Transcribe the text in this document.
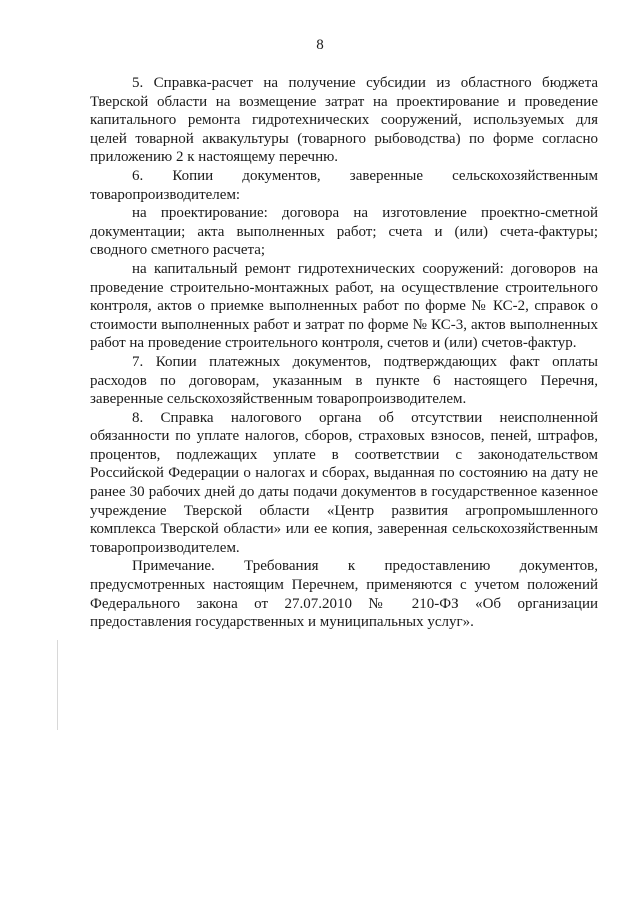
8

5. Справка-расчет на получение субсидии из областного бюджета Тверской области на возмещение затрат на проектирование и проведение капитального ремонта гидротехнических сооружений, используемых для целей товарной аквакультуры (товарного рыбоводства) по форме согласно приложению 2 к настоящему перечню.

6. Копии документов, заверенные сельскохозяйственным товаропроизводителем:

на проектирование: договора на изготовление проектно-сметной документации; акта выполненных работ; счета и (или) счета-фактуры; сводного сметного расчета;

на капитальный ремонт гидротехнических сооружений: договоров на проведение строительно-монтажных работ, на осуществление строительного контроля, актов о приемке выполненных работ по форме № КС-2, справок о стоимости выполненных работ и затрат по форме № КС-3, актов выполненных работ на проведение строительного контроля, счетов и (или) счетов-фактур.

7. Копии платежных документов, подтверждающих факт оплаты расходов по договорам, указанным в пункте 6 настоящего Перечня, заверенные сельскохозяйственным товаропроизводителем.

8. Справка налогового органа об отсутствии неисполненной обязанности по уплате налогов, сборов, страховых взносов, пеней, штрафов, процентов, подлежащих уплате в соответствии с законодательством Российской Федерации о налогах и сборах, выданная по состоянию на дату не ранее 30 рабочих дней до даты подачи документов в государственное казенное учреждение Тверской области «Центр развития агропромышленного комплекса Тверской области» или ее копия, заверенная сельскохозяйственным товаропроизводителем.

Примечание. Требования к предоставлению документов, предусмотренных настоящим Перечнем, применяются с учетом положений Федерального закона от 27.07.2010 № 210-ФЗ «Об организации предоставления государственных и муниципальных услуг».
